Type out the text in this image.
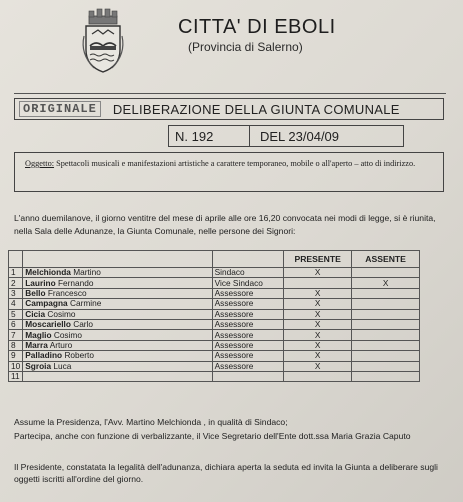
CITTA' DI EBOLI
(Provincia di Salerno)
ORIGINALE	DELIBERAZIONE DELLA GIUNTA COMUNALE
N. 192	DEL 23/04/09
Oggetto: Spettacoli musicali e manifestazioni artistiche a carattere temporaneo, mobile o all'aperto – atto di indirizzo.
L'anno duemilanove, il giorno ventitre del mese di aprile alle ore 16,20 convocata nei modi di legge, si è riunita, nella Sala delle Adunanze, la Giunta Comunale, nelle persone dei Signori:
			PRESENTE	ASSENTE
1	Melchionda Martino	Sindaco	X	
2	Laurino Fernando	Vice Sindaco		X
3	Bello Francesco	Assessore	X	
4	Campagna Carmine	Assessore	X	
5	Cicia Cosimo	Assessore	X	
6	Moscariello Carlo	Assessore	X	
7	Maglio Cosimo	Assessore	X	
8	Marra Arturo	Assessore	X	
9	Palladino Roberto	Assessore	X	
10	Sgroia Luca	Assessore	X	
11				
Assume la Presidenza, l'Avv. Martino Melchionda , in qualità di Sindaco;
Partecipa, anche con funzione di verbalizzante, il Vice Segretario dell'Ente dott.ssa Maria Grazia Caputo
Il Presidente, constatata la legalità dell'adunanza, dichiara aperta la seduta ed invita la Giunta a deliberare sugli oggetti iscritti all'ordine del giorno.
